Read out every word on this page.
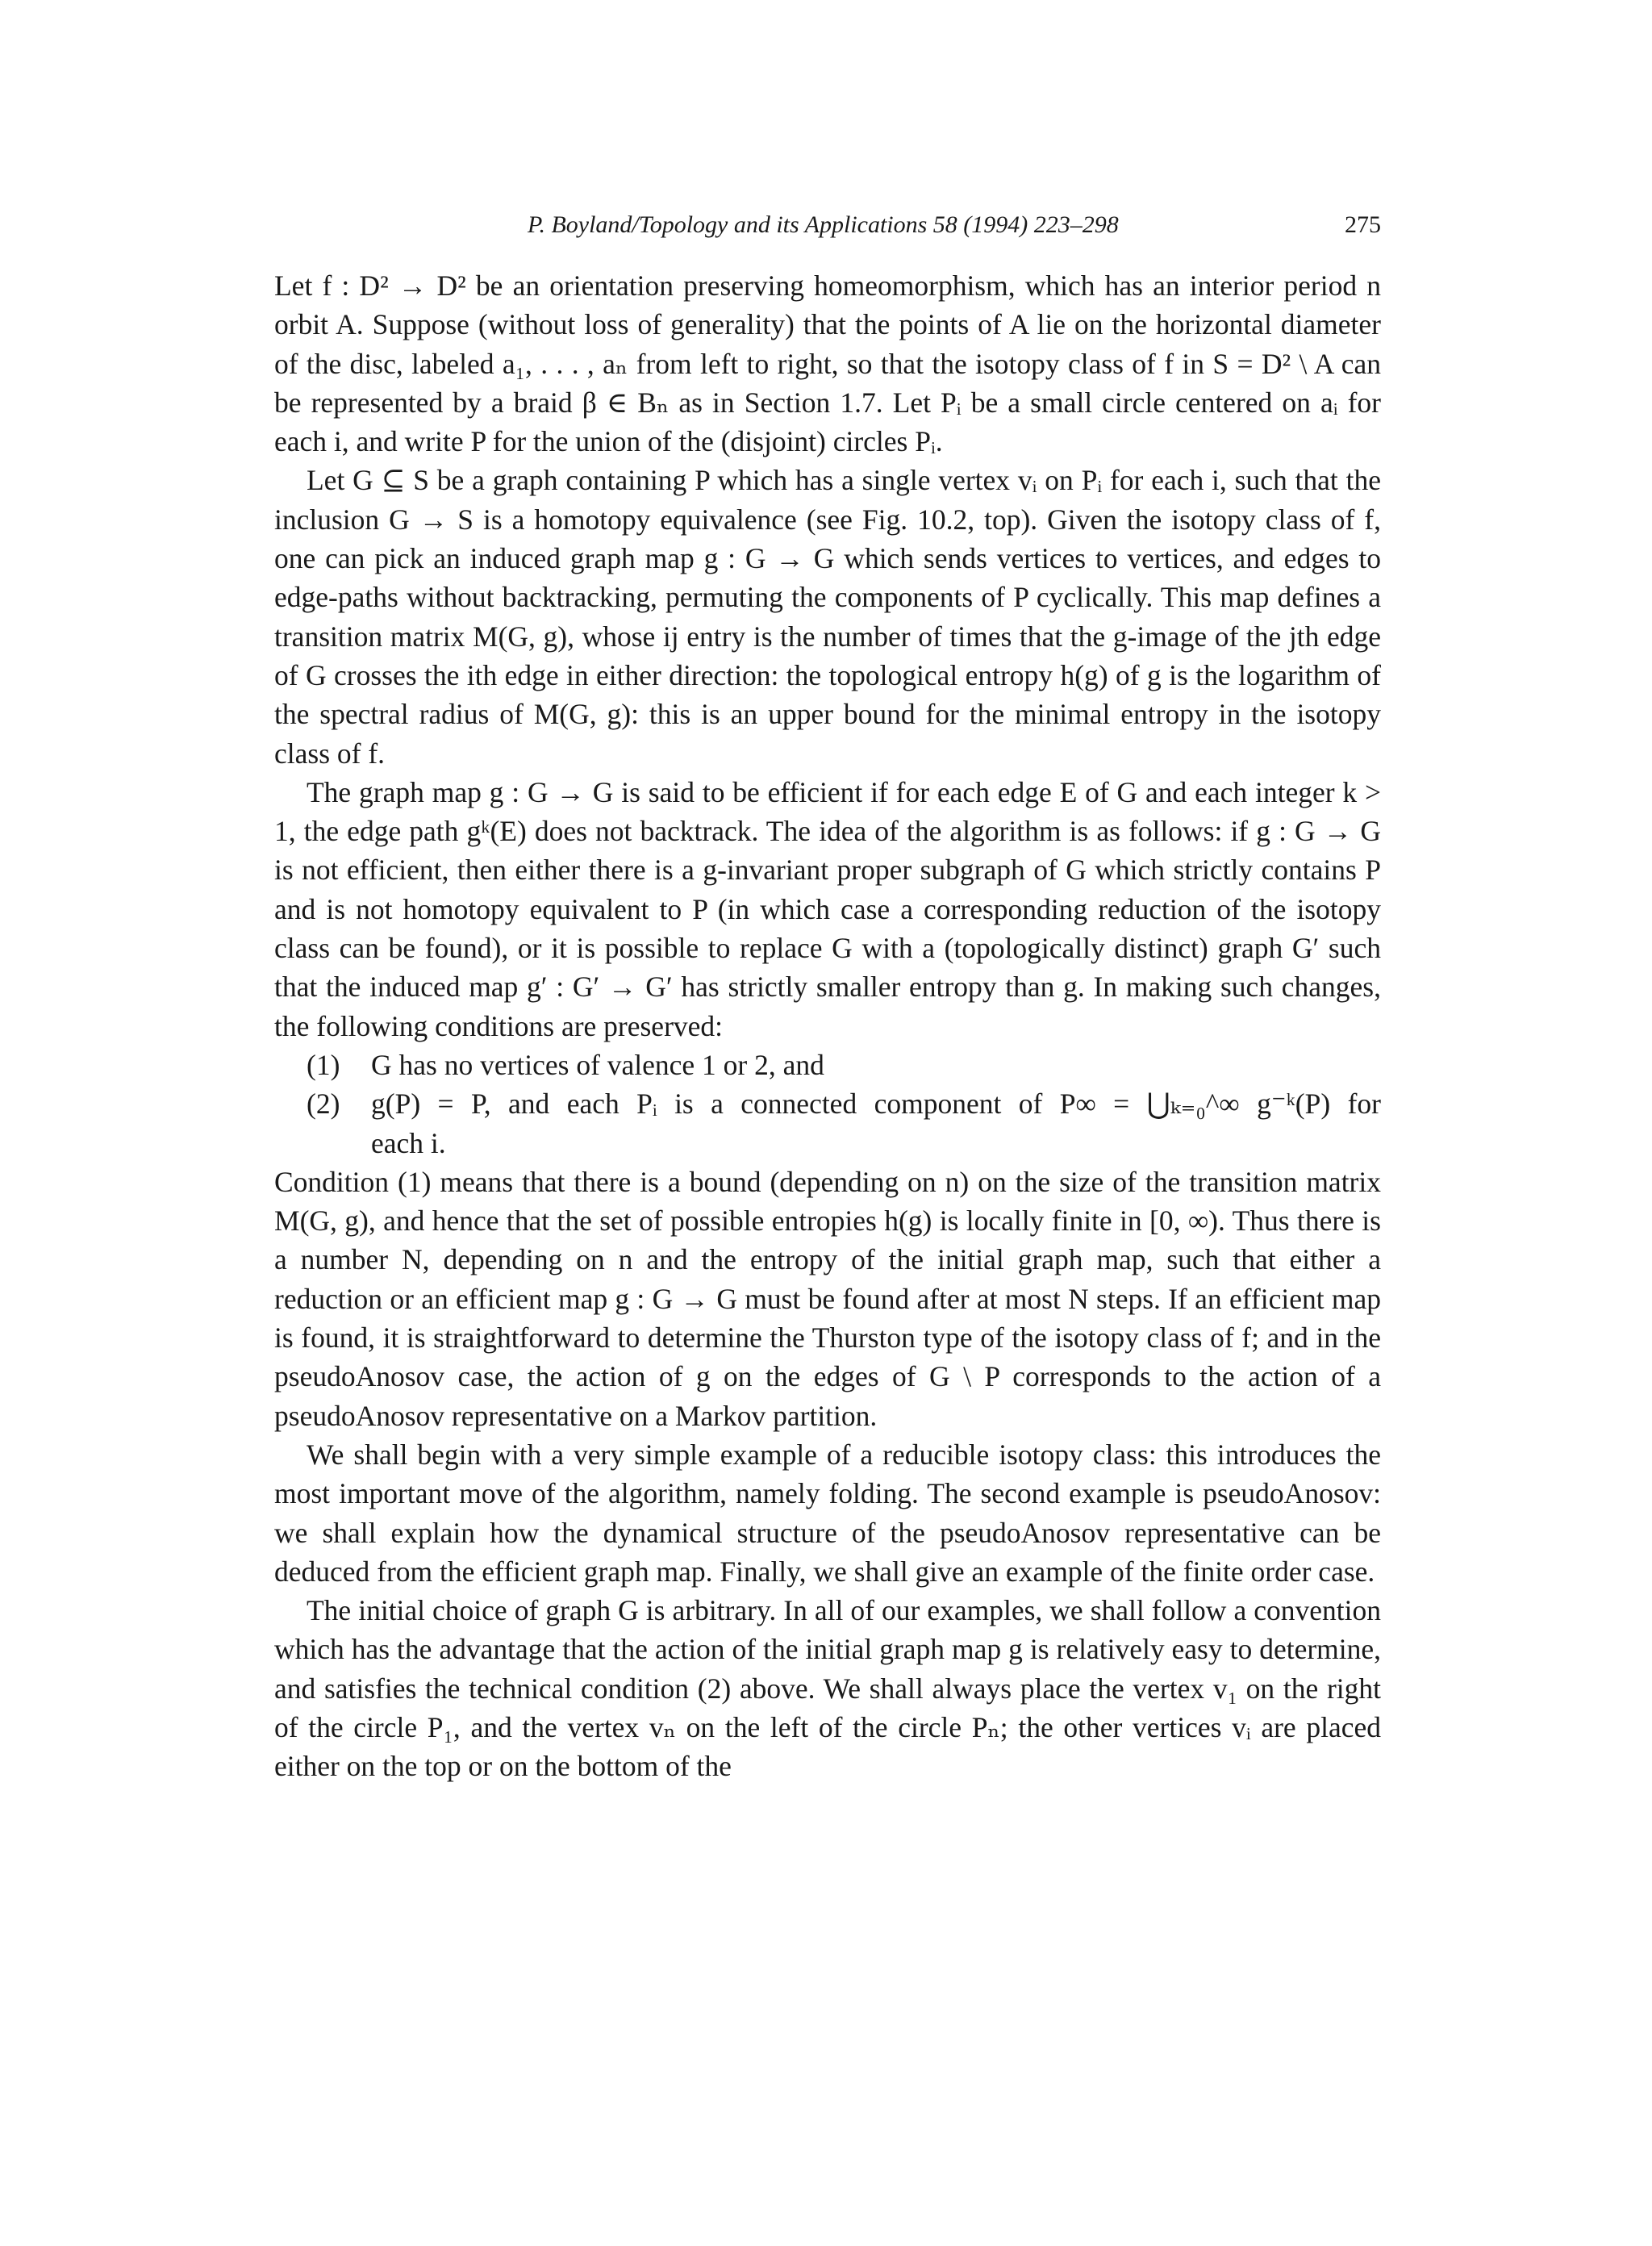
P. Boyland/Topology and its Applications 58 (1994) 223–298	275

Let f : D² → D² be an orientation preserving homeomorphism, which has an interior period n orbit A. Suppose (without loss of generality) that the points of A lie on the horizontal diameter of the disc, labeled a₁, . . . , aₙ from left to right, so that the isotopy class of f in S = D² \ A can be represented by a braid β ∈ Bₙ as in Section 1.7. Let Pᵢ be a small circle centered on aᵢ for each i, and write P for the union of the (disjoint) circles Pᵢ.

Let G ⊆ S be a graph containing P which has a single vertex vᵢ on Pᵢ for each i, such that the inclusion G → S is a homotopy equivalence (see Fig. 10.2, top). Given the isotopy class of f, one can pick an induced graph map g : G → G which sends vertices to vertices, and edges to edge-paths without backtracking, permuting the components of P cyclically. This map defines a transition matrix M(G, g), whose ij entry is the number of times that the g-image of the jth edge of G crosses the ith edge in either direction: the topological entropy h(g) of g is the logarithm of the spectral radius of M(G, g): this is an upper bound for the minimal entropy in the isotopy class of f.

The graph map g : G → G is said to be efficient if for each edge E of G and each integer k > 1, the edge path gᵏ(E) does not backtrack. The idea of the algorithm is as follows: if g : G → G is not efficient, then either there is a g-invariant proper subgraph of G which strictly contains P and is not homotopy equivalent to P (in which case a corresponding reduction of the isotopy class can be found), or it is possible to replace G with a (topologically distinct) graph G′ such that the induced map g′ : G′ → G′ has strictly smaller entropy than g. In making such changes, the following conditions are preserved:

(1)	G has no vertices of valence 1 or 2, and
(2)	g(P) = P, and each Pᵢ is a connected component of P∞ = ⋃ₖ₌₀^∞ g⁻ᵏ(P) for

each i.

Condition (1) means that there is a bound (depending on n) on the size of the transition matrix M(G, g), and hence that the set of possible entropies h(g) is locally finite in [0, ∞). Thus there is a number N, depending on n and the entropy of the initial graph map, such that either a reduction or an efficient map g : G → G must be found after at most N steps. If an efficient map is found, it is straightforward to determine the Thurston type of the isotopy class of f; and in the pseudoAnosov case, the action of g on the edges of G \ P corresponds to the action of a pseudoAnosov representative on a Markov partition.

We shall begin with a very simple example of a reducible isotopy class: this introduces the most important move of the algorithm, namely folding. The second example is pseudoAnosov: we shall explain how the dynamical structure of the pseudoAnosov representative can be deduced from the efficient graph map. Finally, we shall give an example of the finite order case.

The initial choice of graph G is arbitrary. In all of our examples, we shall follow a convention which has the advantage that the action of the initial graph map g is relatively easy to determine, and satisfies the technical condition (2) above. We shall always place the vertex v₁ on the right of the circle P₁, and the vertex vₙ on the left of the circle Pₙ; the other vertices vᵢ are placed either on the top or on the bottom of the
